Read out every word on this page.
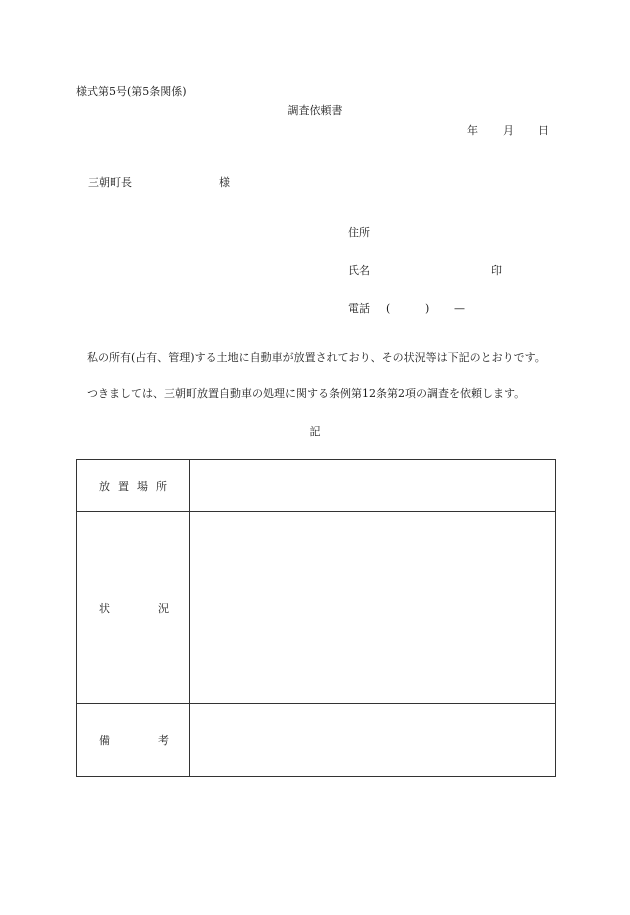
様式第5号(第5条関係)
調査依頼書
年 月 日
三朝町長	様
住所
氏名	印
電話 (	) —
私の所有(占有、管理)する土地に自動車が放置されており、その状況等は下記のとおりです。
つきましては、三朝町放置自動車の処理に関する条例第12条第2項の調査を依頼します。
記
放 置 場 所	

状 況	

備 考	
